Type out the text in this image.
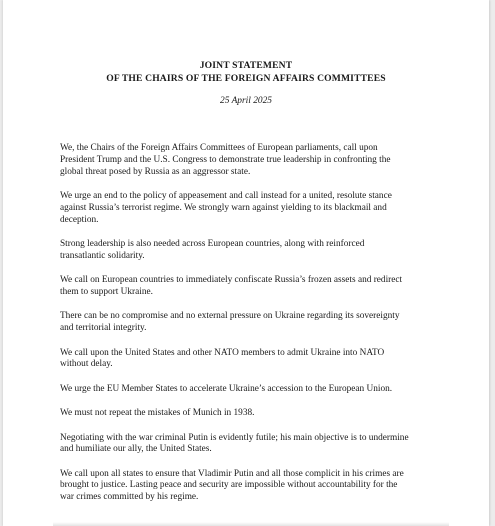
JOINT STATEMENT
OF THE CHAIRS OF THE FOREIGN AFFAIRS COMMITTEES
25 April 2025

We, the Chairs of the Foreign Affairs Committees of European parliaments, call upon
President Trump and the U.S. Congress to demonstrate true leadership in confronting the
global threat posed by Russia as an aggressor state.

We urge an end to the policy of appeasement and call instead for a united, resolute stance
against Russia’s terrorist regime. We strongly warn against yielding to its blackmail and
deception.

Strong leadership is also needed across European countries, along with reinforced
transatlantic solidarity.

We call on European countries to immediately confiscate Russia’s frozen assets and redirect
them to support Ukraine.

There can be no compromise and no external pressure on Ukraine regarding its sovereignty
and territorial integrity.

We call upon the United States and other NATO members to admit Ukraine into NATO
without delay.

We urge the EU Member States to accelerate Ukraine’s accession to the European Union.

We must not repeat the mistakes of Munich in 1938.

Negotiating with the war criminal Putin is evidently futile; his main objective is to undermine
and humiliate our ally, the United States.

We call upon all states to ensure that Vladimir Putin and all those complicit in his crimes are
brought to justice. Lasting peace and security are impossible without accountability for the
war crimes committed by his regime.
